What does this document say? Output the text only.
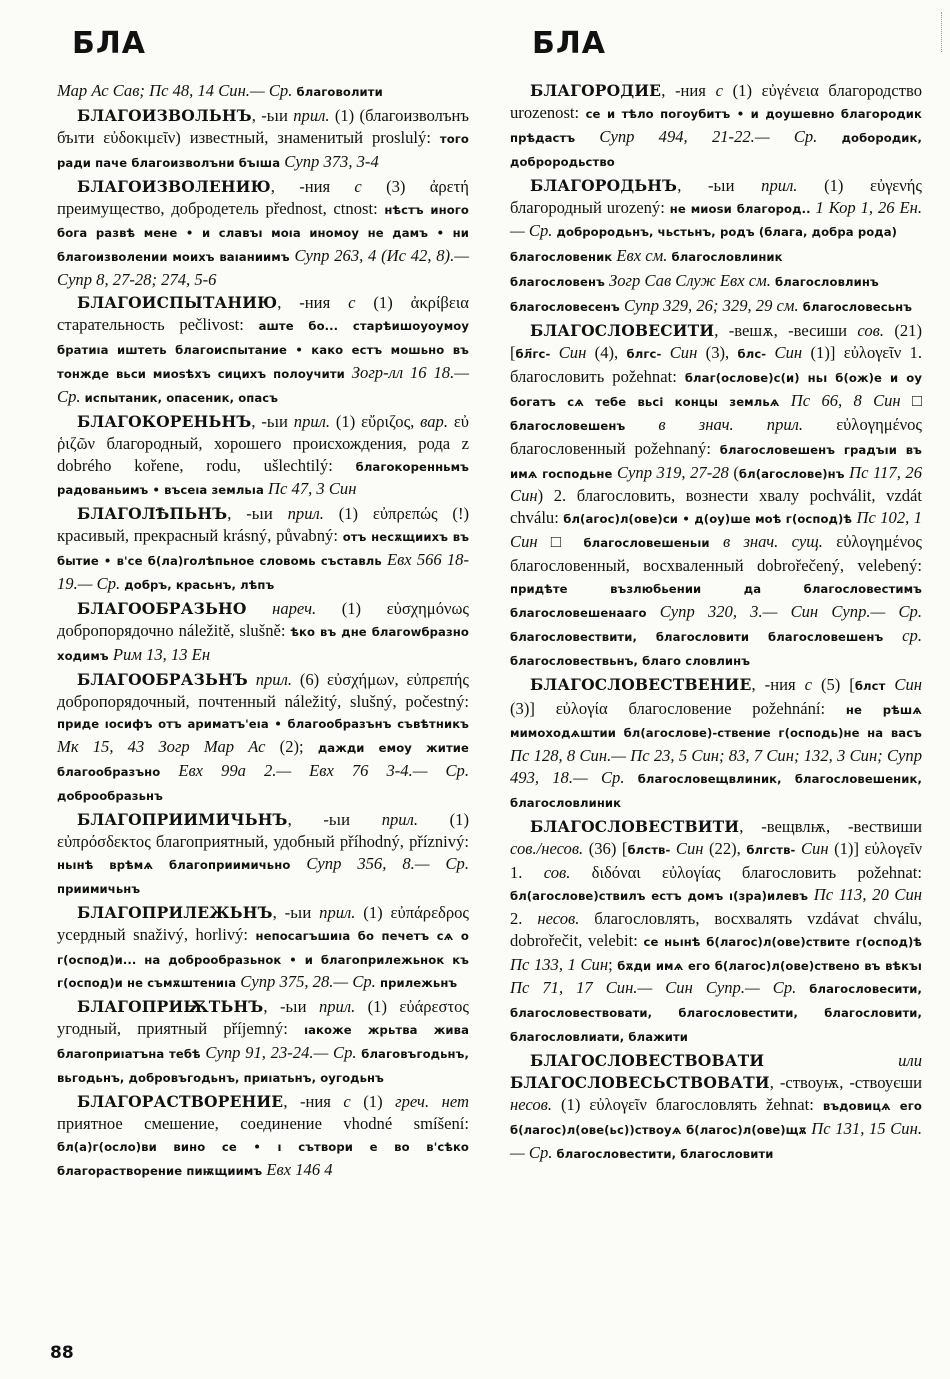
БЛА	БЛА

Мар Ас Сав; Пс 48, 14 Син.— Ср. благоволити

БЛАГОИЗВОЛЬНЪ, -ьıи прил. (1) (благоизволънъ бъıти εὐδοκιμεῖν) известный, знаменитый proslulý: того ради паче благоизволъни бъıша Супр 373, 3-4

БЛАГОИЗВОЛЕНИЮ, -ния с (3) ἀρετή преимущество, добродетель přednost, ctnost: нѣстъ иного бога развѣ мене • и славъı моıа иномоу не дамъ • ни благоизволении моихъ ваıаниимъ Супр 263, 4 (Ис 42, 8).— Супр 8, 27-28; 274, 5-6

БЛАГОИСПЫТАНИЮ, -ния с (1) ἀκρίβεια старательность pečlivost: аште бо... старѣишоуоумоу братиıа иштеть благоиспытание • како естъ мошьно въ тонжде вьси миоѕѣхъ сицихъ полоучити Зогр-лл 16 18.— Ср. испытаник, опасеник, опасъ

БЛАГОКОРЕНЬНЪ, -ьıи прил. (1) εὔριζος, вар. εὐ ῥιζῶν благородный, хорошего происхождения, рода z dobrého kořene, rodu, ušlechtilý: благокоренньмъ радованьимъ • въсеıа земльıа Пс 47, 3 Син

БЛАГОЛѢПЬНЪ, -ьıи прил. (1) εὐπρεπώς (!) красивый, прекрасный krásný, půvabný: отъ несѫщиихъ въ бытие • в'се б(ла)голѣпьное словомь съставль Евх 566 18-19.— Ср. добръ, красьнъ, лѣпъ

БЛАГООБРАЗЬНО нареч. (1) εὐσχημόνως добропорядочно náležitě, slušně: ѣко въ дне благоwбразно ходимъ Рим 13, 13 Ен

БЛАГООБРАЗЬНЪ прил. (6) εὐσχήμων, εὐπρεπής добропорядочный, почтенный náležitý, slušný, počestný: приде ıосифъ отъ ариматъ'еıа • благообразънъ съвѣтникъ Мк 15, 43 Зогр Мар Ас (2); дажди емоу житие благообразъно Евх 99а 2.— Евх 76 3-4.— Ср. доброобразьнъ

БЛАГОПРИИМИЧЬНЪ, -ьıи прил. (1) εὐπρόσδεκτος благоприятный, удобный příhodný, příznivý: ньıнѣ врѣмѧ благоприимичьно Супр 356, 8.— Ср. приимичьнъ

БЛАГОПРИЛЕЖЬНЪ, -ьıи прил. (1) εὐπάρεδρος усердный snaživý, horlivý: непосагъшиıа бо печетъ сѧ о г(оспод)и... на доброобразьнок • и благоприлежьнок къ г(оспод)и не съмѫштениıа Супр 375, 28.— Ср. прилежьнъ

БЛАГОПРИѬТЬНЪ, -ьıи прил. (1) εὐάρεστος угодный, приятный příjemný: ıакоже жрьтва жива благоприıатъна тебѣ Супр 91, 23-24.— Ср. благовъгодьнъ, вьгодьнъ, добровъгодьнъ, приıатьнъ, оугодьнъ

БЛАГОРАСТВОРЕНИЕ, -ния с (1) греч. нет приятное смешение, соединение vhodné smíšení: бл(а)г(осло)ви вино се • ı сътвори е во в'сѣко благорастворение пиѭщиимъ Евх 146 4

БЛАГОРОДИЕ, -ния с (1) εὐγένεια благородство urozenost: се и тѣло погоубитъ • и доушевно благородик прѣдастъ Супр 494, 21-22.— Ср. добородик, доброродьство

БЛАГОРОДЬНЪ, -ьıи прил. (1) εὐγενής благородный urozený: не миоѕи благород.. 1 Кор 1, 26 Ен.— Ср. доброродьнъ, чьстьнъ, родъ (блага, добра рода)

благословеник Евх см. благословлиник

благословенъ Зогр Сав Служ Евх см. благословлинъ

благословесенъ Супр 329, 26; 329, 29 см. благословесьнъ

БЛАГОСЛОВЕСИТИ, -вешѫ, -весиши сов. (21) [бл҃гс- Син (4), блгс- Син (3), блс- Син (1)] εὐλογεῖν 1. благословить požehnat: благ(ослове)с(и) ньı б(ож)е и оу богатъ сѧ тебе вьсі концы земльѧ Пс 66, 8 Син □ благословешенъ в знач. прил. εὐλογημένος благословенный požehnaný: благословешенъ градъıи въ имѧ господьне Супр 319, 27-28 (бл(агослове)нъ Пс 117, 26 Син) 2. благословить, вознести хвалу pochválit, vzdát chválu: бл(агос)л(ове)си • д(оу)ше моѣ г(оспод)ѣ Пс 102, 1 Син □ благословешеньıи в знач. сущ. εὐλογημένος благословенный, восхваленный dobrořečený, velebený: придѣте възлюбьении да благословестимъ благословешенааго Супр 320, 3.— Син Супр.— Ср. благословествити, благословити благословешенъ ср. благословествьнъ, благо словлинъ

БЛАГОСЛОВЕСТВЕНИЕ, -ния с (5) [блст Син (3)] εὐλογία благословение požehnání: не рѣшѧ мимоходѧштии бл(агослове)-ствение г(осподь)не на васъ Пс 128, 8 Син.— Пс 23, 5 Син; 83, 7 Син; 132, 3 Син; Супр 493, 18.— Ср. благословещвлиник, благословешеник, благословлиник

БЛАГОСЛОВЕСТВИТИ, -вещвлѭ, -вествиши сов./несов. (36) [блств- Син (22), блгств- Син (1)] εὐλογεῖν 1. сов. διδόναι εὐλογίας благословить požehnat: бл(агослове)ствилъ естъ домъ ı(зра)илевъ Пс 113, 20 Син 2. несов. благословлять, восхвалять vzdávat chválu, dobrořečit, velebit: се ньıнѣ б(лагос)л(ове)ствите г(оспод)ѣ Пс 133, 1 Син; бѫди имѧ его б(лагос)л(ове)ствено въ вѣкъı Пс 71, 17 Син.— Син Супр.— Ср. благословесити, благословествовати, благословестити, благословити, благословлиати, блажити

БЛАГОСЛОВЕСТВОВАТИ или БЛАГОСЛОВЕСЬСТВОВАТИ, -ствоуѭ, -ствоуєши несов. (1) εὐλογεῖν благословлять žehnat: въдовицѧ его б(лагос)л(ове(ьс))ствоуѧ б(лагос)л(ове)щѫ Пс 131, 15 Син.— Ср. благословестити, благословити

88
